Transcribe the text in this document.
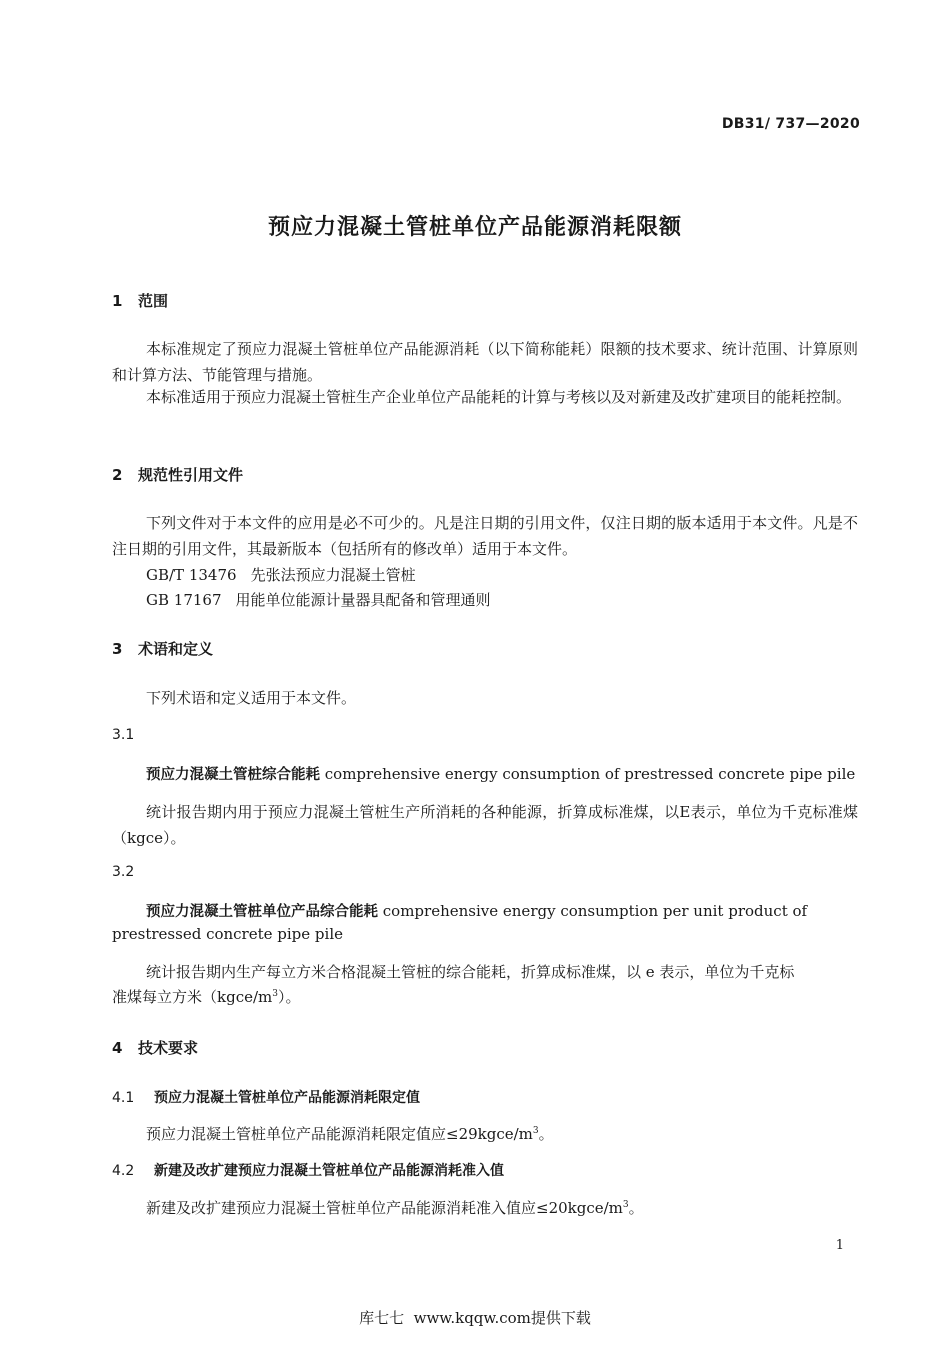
DB31/ 737—2020
预应力混凝土管桩单位产品能源消耗限额
1 范围
本标准规定了预应力混凝土管桩单位产品能源消耗（以下简称能耗）限额的技术要求、统计范围、计算原则和计算方法、节能管理与措施。
本标准适用于预应力混凝土管桩生产企业单位产品能耗的计算与考核以及对新建及改扩建项目的能耗控制。
2 规范性引用文件
下列文件对于本文件的应用是必不可少的。凡是注日期的引用文件，仅注日期的版本适用于本文件。凡是不注日期的引用文件，其最新版本（包括所有的修改单）适用于本文件。
GB/T 13476 先张法预应力混凝土管桩
GB 17167 用能单位能源计量器具配备和管理通则
3 术语和定义
下列术语和定义适用于本文件。
3.1
预应力混凝土管桩综合能耗 comprehensive energy consumption of prestressed concrete pipe pile
统计报告期内用于预应力混凝土管桩生产所消耗的各种能源，折算成标准煤，以E表示，单位为千克标准煤（kgce）。
3.2
预应力混凝土管桩单位产品综合能耗 comprehensive energy consumption per unit product of
prestressed concrete pipe pile
统计报告期内生产每立方米合格混凝土管桩的综合能耗，折算成标准煤，以 e 表示，单位为千克标
准煤每立方米$(kgce/m^3)$。
4 技术要求
4.1 预应力混凝土管桩单位产品能源消耗限定值
预应力混凝土管桩单位产品能源消耗限定值应$\le 29kgce/m^3$。
4.2 新建及改扩建预应力混凝土管桩单位产品能源消耗准入值
新建及改扩建预应力混凝土管桩单位产品能源消耗准入值应$\le 20kgce/m^3$。
1
库七七  www.kqqw.com提供下载
